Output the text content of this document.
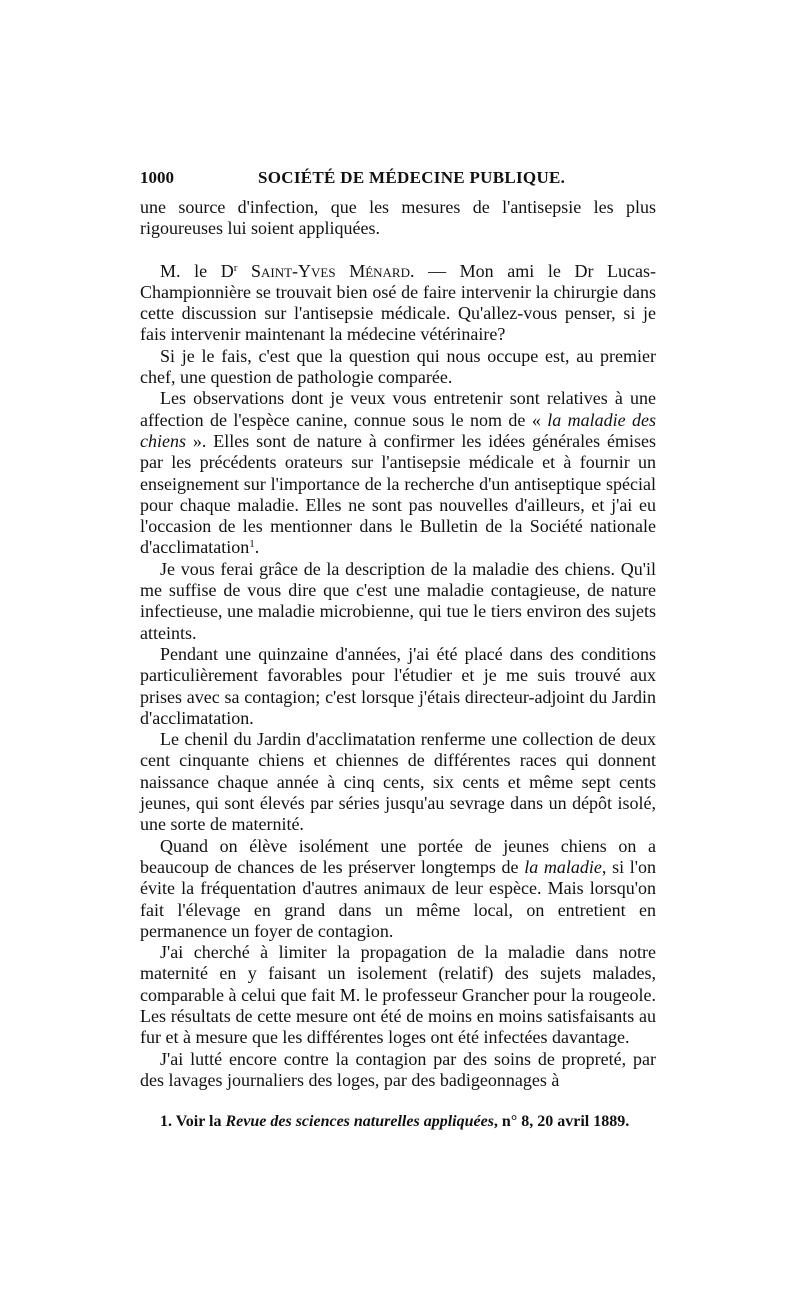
1000	SOCIÉTÉ DE MÉDECINE PUBLIQUE.

une source d'infection, que les mesures de l'antisepsie les plus rigoureuses lui soient appliquées.

M. le $D^r$ Saint-Yves Ménard. — Mon ami le Dr Lucas-Championnière se trouvait bien osé de faire intervenir la chirurgie dans cette discussion sur l'antisepsie médicale. Qu'allez-vous penser, si je fais intervenir maintenant la médecine vétérinaire?

Si je le fais, c'est que la question qui nous occupe est, au premier chef, une question de pathologie comparée.

Les observations dont je veux vous entretenir sont relatives à une affection de l'espèce canine, connue sous le nom de « la maladie des chiens ». Elles sont de nature à confirmer les idées générales émises par les précédents orateurs sur l'antisepsie médicale et à fournir un enseignement sur l'importance de la recherche d'un antiseptique spécial pour chaque maladie. Elles ne sont pas nouvelles d'ailleurs, et j'ai eu l'occasion de les mentionner dans le Bulletin de la Société nationale d'acclimatation$^1$.

Je vous ferai grâce de la description de la maladie des chiens. Qu'il me suffise de vous dire que c'est une maladie contagieuse, de nature infectieuse, une maladie microbienne, qui tue le tiers environ des sujets atteints.

Pendant une quinzaine d'années, j'ai été placé dans des conditions particulièrement favorables pour l'étudier et je me suis trouvé aux prises avec sa contagion; c'est lorsque j'étais directeur-adjoint du Jardin d'acclimatation.

Le chenil du Jardin d'acclimatation renferme une collection de deux cent cinquante chiens et chiennes de différentes races qui donnent naissance chaque année à cinq cents, six cents et même sept cents jeunes, qui sont élevés par séries jusqu'au sevrage dans un dépôt isolé, une sorte de maternité.

Quand on élève isolément une portée de jeunes chiens on a beaucoup de chances de les préserver longtemps de la maladie, si l'on évite la fréquentation d'autres animaux de leur espèce. Mais lorsqu'on fait l'élevage en grand dans un même local, on entretient en permanence un foyer de contagion.

J'ai cherché à limiter la propagation de la maladie dans notre maternité en y faisant un isolement (relatif) des sujets malades, comparable à celui que fait M. le professeur Grancher pour la rougeole. Les résultats de cette mesure ont été de moins en moins satisfaisants au fur et à mesure que les différentes loges ont été infectées davantage.

J'ai lutté encore contre la contagion par des soins de propreté, par des lavages journaliers des loges, par des badigeonnages à

1. Voir la Revue des sciences naturelles appliquées, n° 8, 20 avril 1889.
